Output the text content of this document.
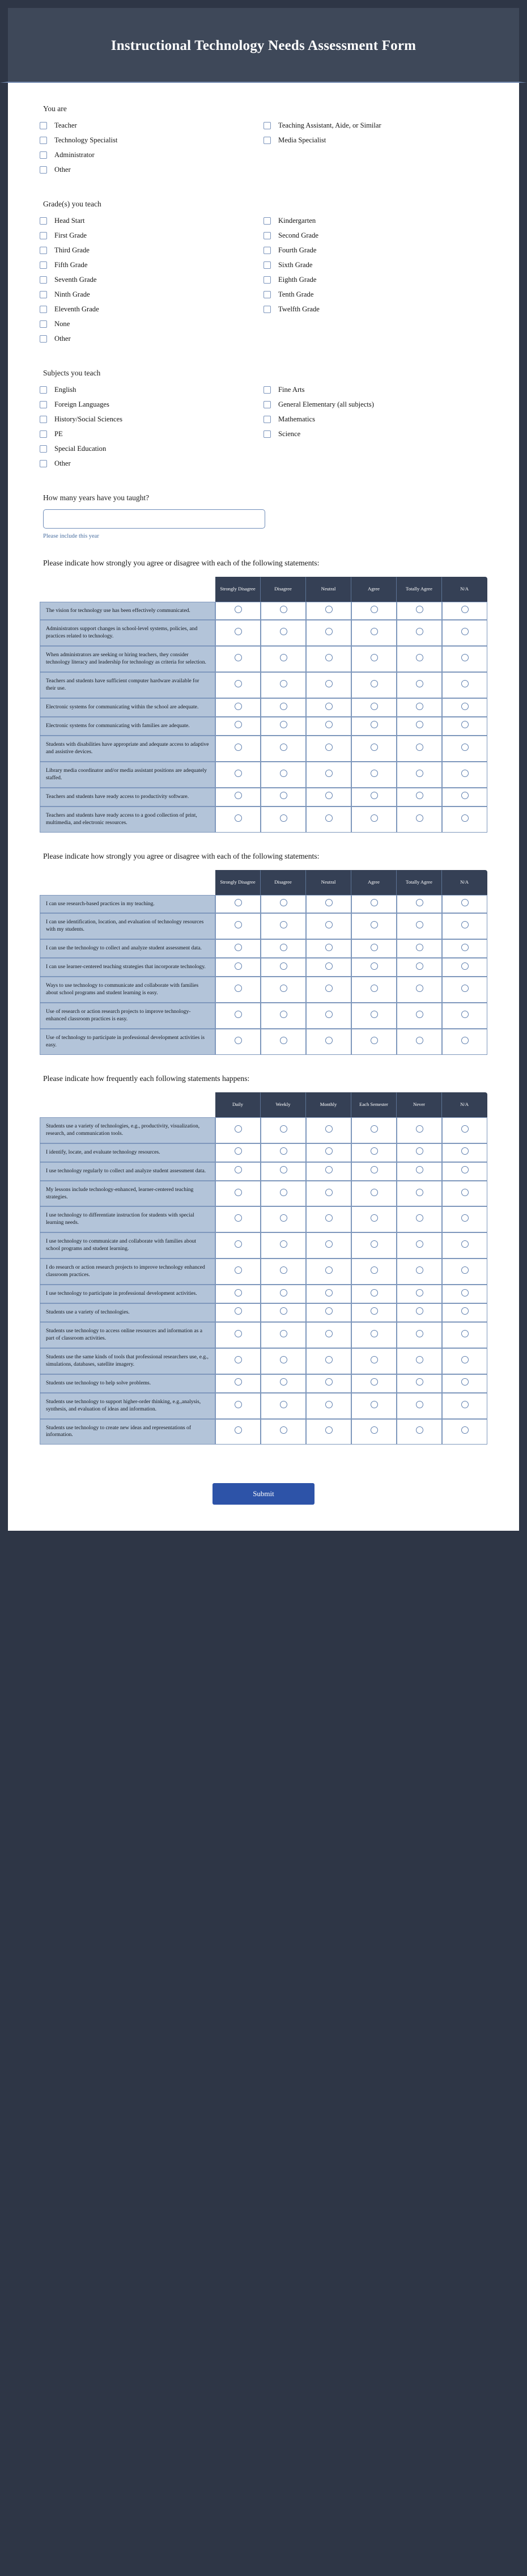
Instructional Technology Needs Assessment Form
You are
Teacher
Technology Specialist
Administrator
Other
Teaching Assistant, Aide, or Similar
Media Specialist
Grade(s) you teach
Head Start
First Grade
Third Grade
Fifth Grade
Seventh Grade
Ninth Grade
Eleventh Grade
None
Other
Kindergarten
Second Grade
Fourth Grade
Sixth Grade
Eighth Grade
Tenth Grade
Twelfth Grade
Subjects you teach
English
Foreign Languages
History/Social Sciences
PE
Special Education
Other
Fine Arts
General Elementary (all subjects)
Mathematics
Science
How many years have you taught?
Please include this year
Please indicate how strongly you agree or disagree with each of the following statements:
	Strongly Disagree	Disagree	Neutral	Agree	Totally Agree	N/A
The vision for technology use has been effectively communicated.						
Administrators support changes in school-level systems, policies, and practices related to technology.						
When administrators are seeking or hiring teachers, they consider technology literacy and leadership for technology as criteria for selection.						
Teachers and students have sufficient computer hardware available for their use.						
Electronic systems for communicating within the school are adequate.						
Electronic systems for communicating with families are adequate.						
Students with disabilities have appropriate and adequate access to adaptive and assistive devices.						
Library media coordinator and/or media assistant positions are adequately staffed.						
Teachers and students have ready access to productivity software.						
Teachers and students have ready access to a good collection of print, multimedia, and electronic resources.						
Please indicate how strongly you agree or disagree with each of the following statements:
	Strongly Disagree	Disagree	Neutral	Agree	Totally Agree	N/A
I can use research-based practices in my teaching.						
I can use identification, location, and evaluation of technology resources with my students.						
I can use the technology to collect and analyze student assessment data.						
I can use learner-centered teaching strategies that incorporate technology.						
Ways to use technology to communicate and collaborate with families about school programs and student learning is easy.						
Use of research or action research projects to improve technology-enhanced classroom practices is easy.						
Use of technology to participate in professional development activities is easy.						
Please indicate how frequently each following statements happens:
	Daily	Weekly	Monthly	Each Semester	Never	N/A
Students use a variety of technologies, e.g., productivity, visualization, research, and communication tools.						
I identify, locate, and evaluate technology resources.						
I use technology regularly to collect and analyze student assessment data.						
My lessons include technology-enhanced, learner-centered teaching strategies.						
I use technology to differentiate instruction for students with special learning needs.						
I use technology to communicate and collaborate with families about school programs and student learning.						
I do research or action research projects to improve technology enhanced classroom practices.						
I use technology to participate in professional development activities.						
Students use a variety of technologies.						
Students use technology to access online resources and information as a part of classroom activities.						
Students use the same kinds of tools that professional researchers use, e.g., simulations, databases, satellite imagery.						
Students use technology to help solve problems.						
Students use technology to support higher-order thinking, e.g.,analysis, synthesis, and evaluation of ideas and information.						
Students use technology to create new ideas and representations of information.						
Submit
